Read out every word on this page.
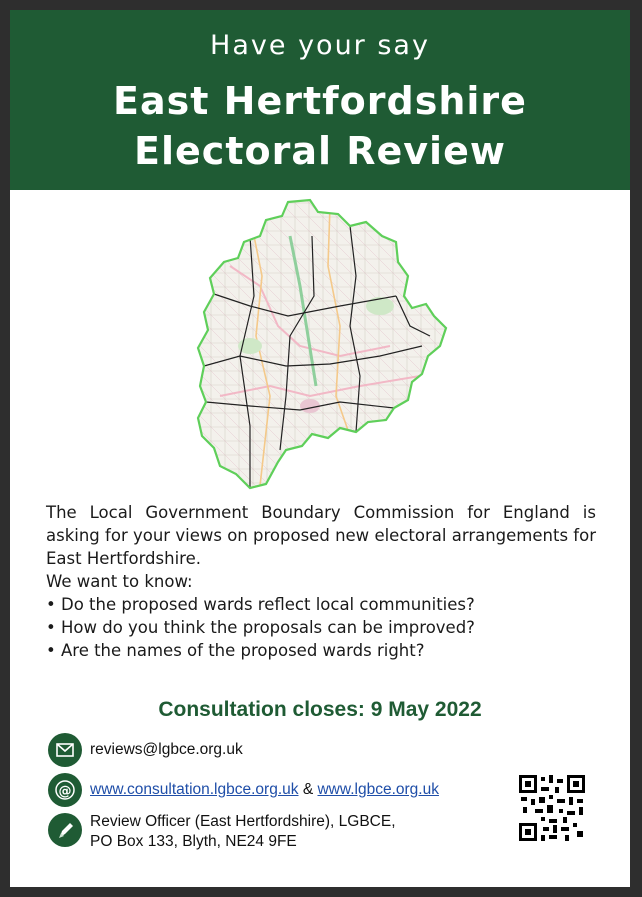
Have your say
East Hertfordshire
Electoral Review

The Local Government Boundary Commission for England is asking for your views on proposed new electoral arrangements for East Hertfordshire.

We want to know:

• Do the proposed wards reflect local communities?

• How do you think the proposals can be improved?

• Are the names of the proposed wards right?

Consultation closes: 9 May 2022
reviews@lgbce.org.uk
@ www.consultation.lgbce.org.uk & www.lgbce.org.uk
Review Officer (East Hertfordshire), LGBCE,
PO Box 133, Blyth, NE24 9FE
